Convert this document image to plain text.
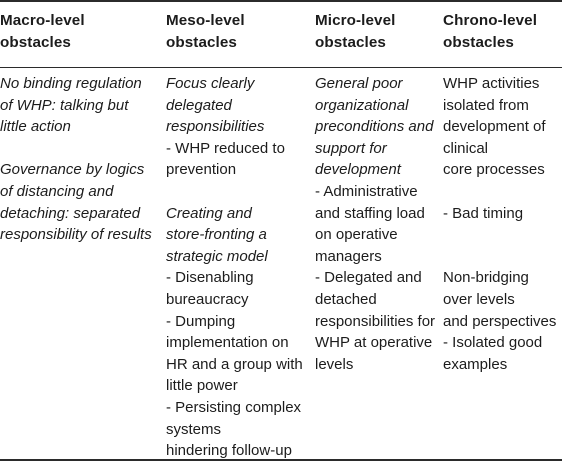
Macro-level
obstacles
No binding regulation
of WHP: talking but
little action
Governance by logics
of distancing and
detaching: separated
responsibility of results
Meso-level
obstacles
Focus clearly
delegated
responsibilities
- WHP reduced to
prevention
Creating and
store-fronting a
strategic model
- Disenabling
bureaucracy
- Dumping
implementation on
HR and a group with
little power
- Persisting complex
systems
hindering follow-up
Micro-level
obstacles
General poor
organizational
preconditions and
support for
development
- Administrative
and staffing load
on operative
managers
- Delegated and
detached
responsibilities for
WHP at operative
levels
Chrono-level
obstacles
WHP activities
isolated from
development of
clinical
core processes
- Bad timing
Non-bridging
over levels
and perspectives
- Isolated good
examples
